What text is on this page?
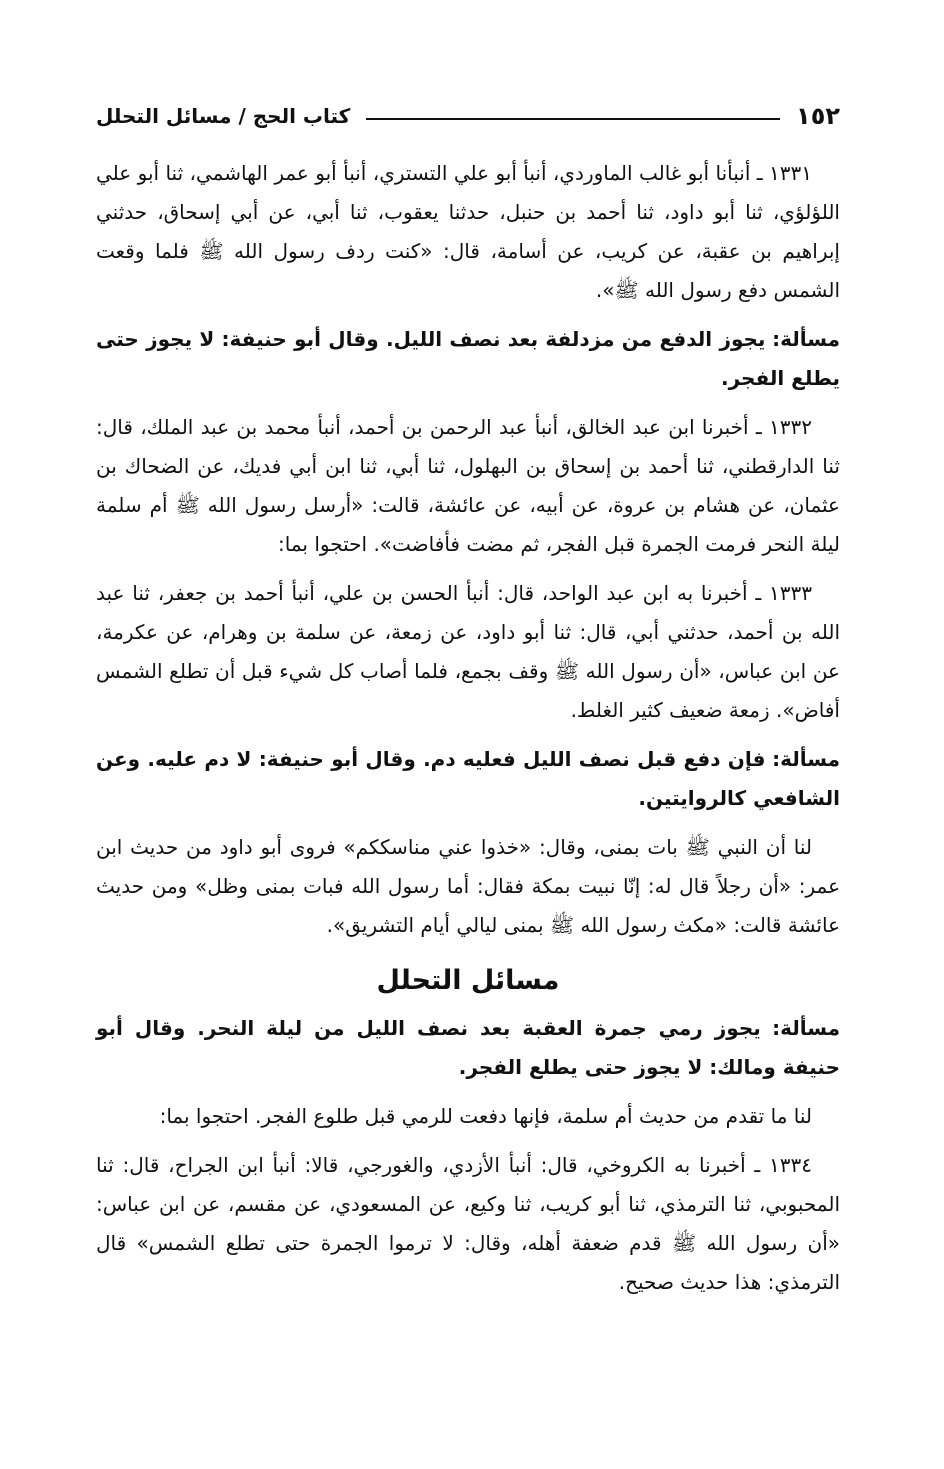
١٥٢
كتاب الحج / مسائل التحلل

١٣٣١ ـ أنبأنا أبو غالب الماوردي، أنبأ أبو علي التستري، أنبأ أبو عمر الهاشمي، ثنا أبو علي اللؤلؤي، ثنا أبو داود، ثنا أحمد بن حنبل، حدثنا يعقوب، ثنا أبي، عن أبي إسحاق، حدثني إبراهيم بن عقبة، عن كريب، عن أسامة، قال: «كنت ردف رسول الله ﷺ فلما وقعت الشمس دفع رسول الله ﷺ».

مسألة: يجوز الدفع من مزدلفة بعد نصف الليل. وقال أبو حنيفة: لا يجوز حتى يطلع الفجر.

١٣٣٢ ـ أخبرنا ابن عبد الخالق، أنبأ عبد الرحمن بن أحمد، أنبأ محمد بن عبد الملك، قال: ثنا الدارقطني، ثنا أحمد بن إسحاق بن البهلول، ثنا أبي، ثنا ابن أبي فديك، عن الضحاك بن عثمان، عن هشام بن عروة، عن أبيه، عن عائشة، قالت: «أرسل رسول الله ﷺ أم سلمة ليلة النحر فرمت الجمرة قبل الفجر، ثم مضت فأفاضت». احتجوا بما:

١٣٣٣ ـ أخبرنا به ابن عبد الواحد، قال: أنبأ الحسن بن علي، أنبأ أحمد بن جعفر، ثنا عبد الله بن أحمد، حدثني أبي، قال: ثنا أبو داود، عن زمعة، عن سلمة بن وهرام، عن عكرمة، عن ابن عباس، «أن رسول الله ﷺ وقف بجمع، فلما أصاب كل شيء قبل أن تطلع الشمس أفاض». زمعة ضعيف كثير الغلط.

مسألة: فإن دفع قبل نصف الليل فعليه دم. وقال أبو حنيفة: لا دم عليه. وعن الشافعي كالروايتين.

لنا أن النبي ﷺ بات بمنى، وقال: «خذوا عني مناسككم» فروى أبو داود من حديث ابن عمر: «أن رجلاً قال له: إنّا نبيت بمكة فقال: أما رسول الله فبات بمنى وظل» ومن حديث عائشة قالت: «مكث رسول الله ﷺ بمنى ليالي أيام التشريق».

مسائل التحلل

مسألة: يجوز رمي جمرة العقبة بعد نصف الليل من ليلة النحر. وقال أبو حنيفة ومالك: لا يجوز حتى يطلع الفجر.

لنا ما تقدم من حديث أم سلمة، فإنها دفعت للرمي قبل طلوع الفجر. احتجوا بما:

١٣٣٤ ـ أخبرنا به الكروخي، قال: أنبأ الأزدي، والغورجي، قالا: أنبأ ابن الجراح، قال: ثنا المحبوبي، ثنا الترمذي، ثنا أبو كريب، ثنا وكيع، عن المسعودي، عن مقسم، عن ابن عباس: «أن رسول الله ﷺ قدم ضعفة أهله، وقال: لا ترموا الجمرة حتى تطلع الشمس» قال الترمذي: هذا حديث صحيح.
